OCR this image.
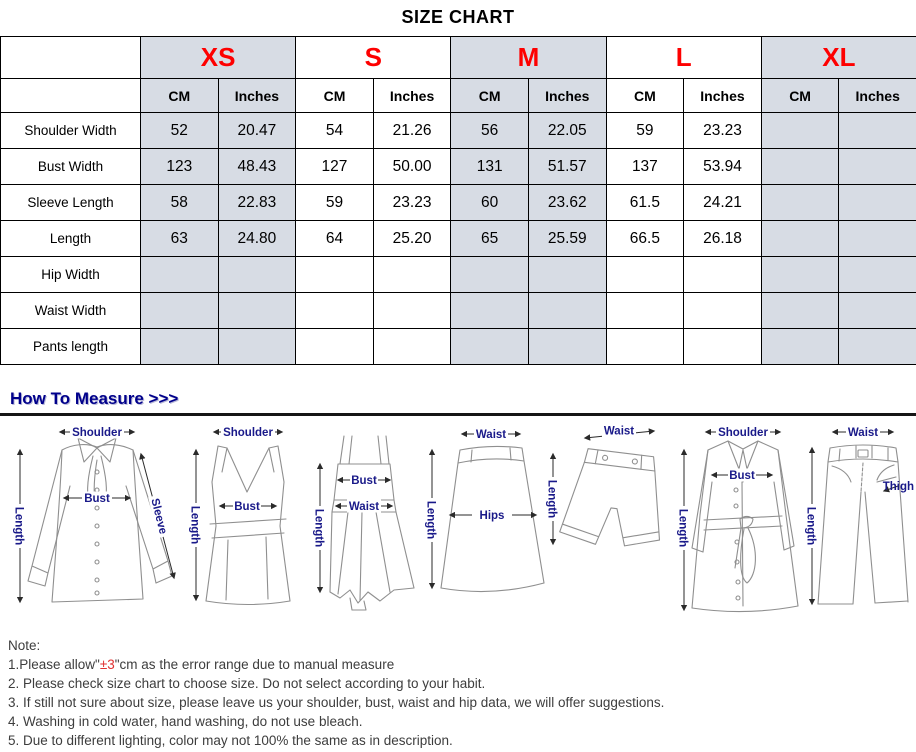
SIZE CHART
	XS		S		M		L		XL	
	CM	Inches	CM	Inches	CM	Inches	CM	Inches	CM	Inches
Shoulder Width	52	20.47	54	21.26	56	22.05	59	23.23		
Bust Width	123	48.43	127	50.00	131	51.57	137	53.94		
Sleeve Length	58	22.83	59	23.23	60	23.62	61.5	24.21		
Length	63	24.80	64	25.20	65	25.59	66.5	26.18		
Hip Width										
Waist Width										
Pants length										
How To Measure >>>
Shoulder
Length
Bust	Sleeve
Shoulder
Length	Bust
Bust
Waist
Length
Waist
Hips
Length
Waist
Length
Shoulder
Length
Bust
Waist
Thigh
Length
Note:
1.Please allow"±3"cm as the error range due to manual measure
2. Please check size chart to choose size. Do not select according to your habit.
3. If still not sure about size, please leave us your shoulder, bust, waist and hip data, we will offer suggestions.
4. Washing in cold water, hand washing, do not use bleach.
5. Due to different lighting, color may not 100% the same as in description.
